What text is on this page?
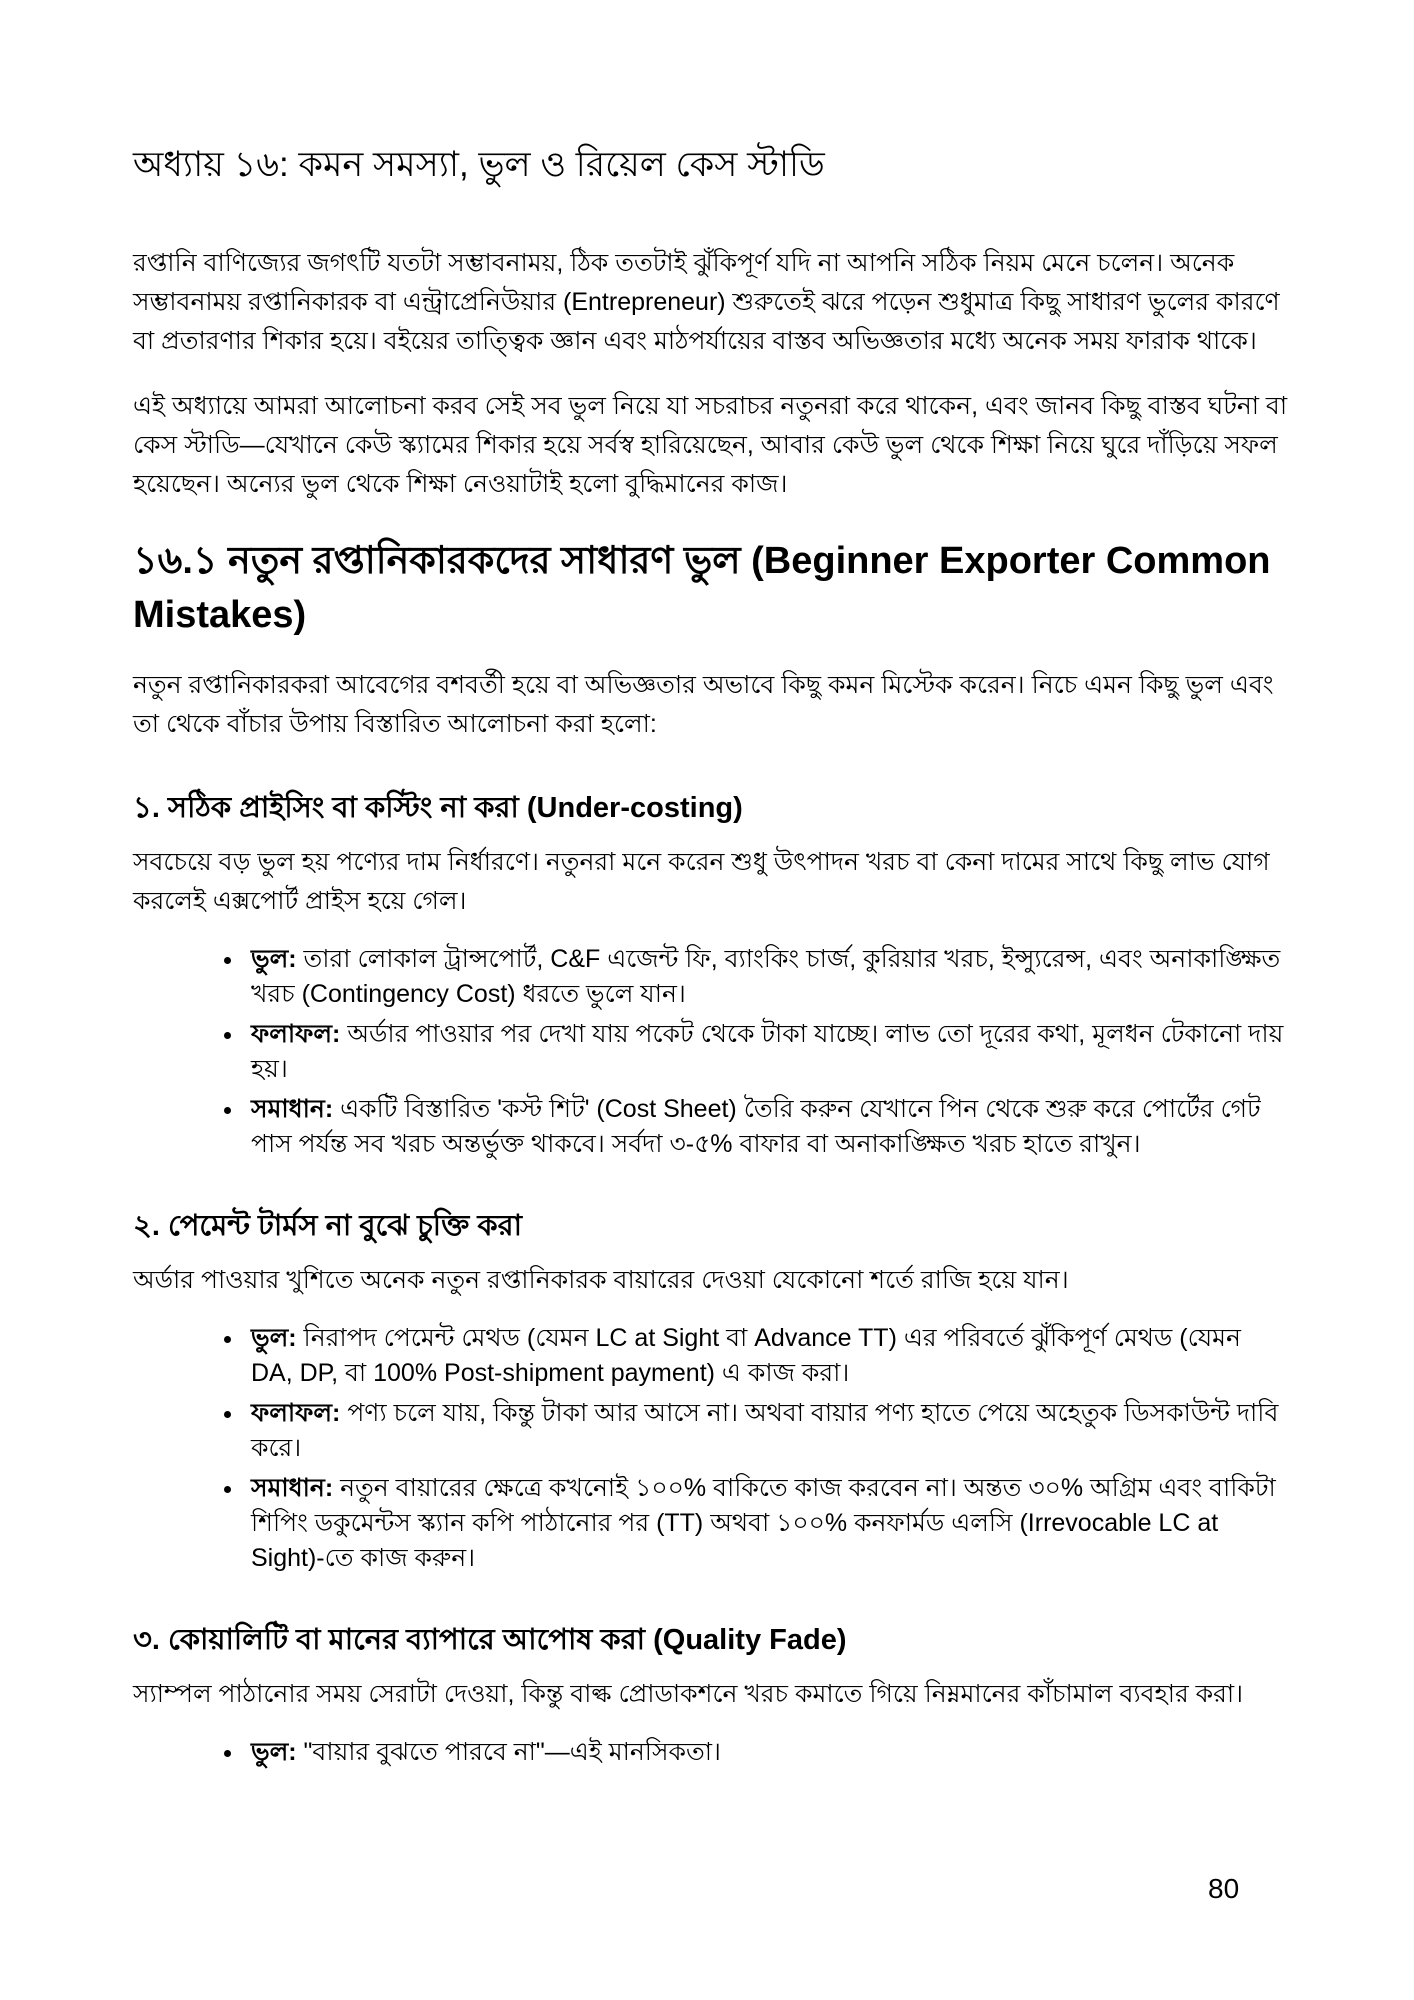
অধ্যায় ১৬: কমন সমস্যা, ভুল ও রিয়েল কেস স্টাডি

রপ্তানি বাণিজ্যের জগৎটি যতটা সম্ভাবনাময়, ঠিক ততটাই ঝুঁকিপূর্ণ যদি না আপনি সঠিক নিয়ম মেনে চলেন। অনেক সম্ভাবনাময় রপ্তানিকারক বা এন্ট্রাপ্রেনিউয়ার (Entrepreneur) শুরুতেই ঝরে পড়েন শুধুমাত্র কিছু সাধারণ ভুলের কারণে বা প্রতারণার শিকার হয়ে। বইয়ের তাত্ত্বিক জ্ঞান এবং মাঠপর্যায়ের বাস্তব অভিজ্ঞতার মধ্যে অনেক সময় ফারাক থাকে।

এই অধ্যায়ে আমরা আলোচনা করব সেই সব ভুল নিয়ে যা সচরাচর নতুনরা করে থাকেন, এবং জানব কিছু বাস্তব ঘটনা বা কেস স্টাডি—যেখানে কেউ স্ক্যামের শিকার হয়ে সর্বস্ব হারিয়েছেন, আবার কেউ ভুল থেকে শিক্ষা নিয়ে ঘুরে দাঁড়িয়ে সফল হয়েছেন। অন্যের ভুল থেকে শিক্ষা নেওয়াটাই হলো বুদ্ধিমানের কাজ।

১৬.১ নতুন রপ্তানিকারকদের সাধারণ ভুল (Beginner Exporter Common Mistakes)

নতুন রপ্তানিকারকরা আবেগের বশবর্তী হয়ে বা অভিজ্ঞতার অভাবে কিছু কমন মিস্টেক করেন। নিচে এমন কিছু ভুল এবং তা থেকে বাঁচার উপায় বিস্তারিত আলোচনা করা হলো:

১. সঠিক প্রাইসিং বা কস্টিং না করা (Under-costing)

সবচেয়ে বড় ভুল হয় পণ্যের দাম নির্ধারণে। নতুনরা মনে করেন শুধু উৎপাদন খরচ বা কেনা দামের সাথে কিছু লাভ যোগ করলেই এক্সপোর্ট প্রাইস হয়ে গেল।

• ভুল: তারা লোকাল ট্রান্সপোর্ট, C&F এজেন্ট ফি, ব্যাংকিং চার্জ, কুরিয়ার খরচ, ইন্স্যুরেন্স, এবং অনাকাঙ্ক্ষিত খরচ (Contingency Cost) ধরতে ভুলে যান।
• ফলাফল: অর্ডার পাওয়ার পর দেখা যায় পকেট থেকে টাকা যাচ্ছে। লাভ তো দূরের কথা, মূলধন টেকানো দায় হয়।
• সমাধান: একটি বিস্তারিত 'কস্ট শিট' (Cost Sheet) তৈরি করুন যেখানে পিন থেকে শুরু করে পোর্টের গেট পাস পর্যন্ত সব খরচ অন্তর্ভুক্ত থাকবে। সর্বদা ৩-৫% বাফার বা অনাকাঙ্ক্ষিত খরচ হাতে রাখুন।
২. পেমেন্ট টার্মস না বুঝে চুক্তি করা

অর্ডার পাওয়ার খুশিতে অনেক নতুন রপ্তানিকারক বায়ারের দেওয়া যেকোনো শর্তে রাজি হয়ে যান।

• ভুল: নিরাপদ পেমেন্ট মেথড (যেমন LC at Sight বা Advance TT) এর পরিবর্তে ঝুঁকিপূর্ণ মেথড (যেমন DA, DP, বা 100% Post-shipment payment) এ কাজ করা।
• ফলাফল: পণ্য চলে যায়, কিন্তু টাকা আর আসে না। অথবা বায়ার পণ্য হাতে পেয়ে অহেতুক ডিসকাউন্ট দাবি করে।
• সমাধান: নতুন বায়ারের ক্ষেত্রে কখনোই ১০০% বাকিতে কাজ করবেন না। অন্তত ৩০% অগ্রিম এবং বাকিটা শিপিং ডকুমেন্টস স্ক্যান কপি পাঠানোর পর (TT) অথবা ১০০% কনফার্মড এলসি (Irrevocable LC at Sight)-তে কাজ করুন।
৩. কোয়ালিটি বা মানের ব্যাপারে আপোষ করা (Quality Fade)

স্যাম্পল পাঠানোর সময় সেরাটা দেওয়া, কিন্তু বাল্ক প্রোডাকশনে খরচ কমাতে গিয়ে নিম্নমানের কাঁচামাল ব্যবহার করা।

• ভুল: "বায়ার বুঝতে পারবে না"—এই মানসিকতা।
80
